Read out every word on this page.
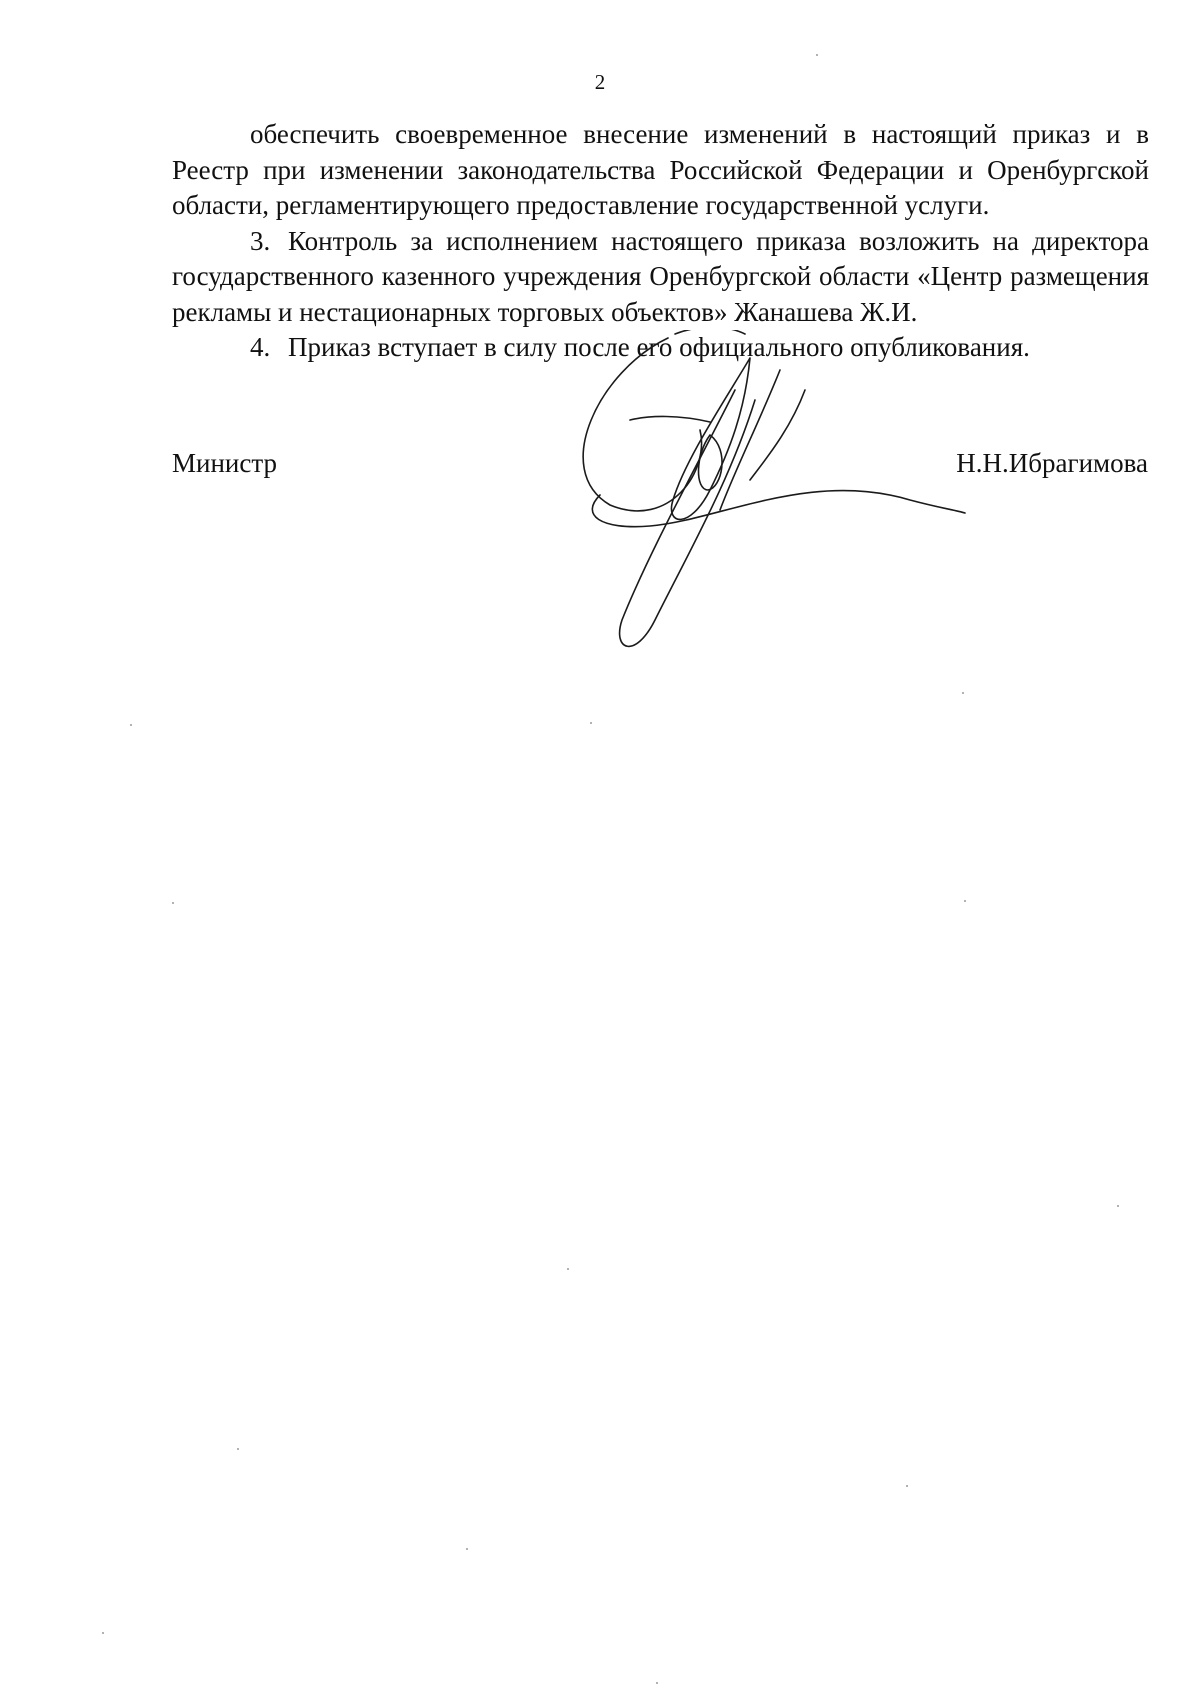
2

обеспечить своевременное внесение изменений в настоящий приказ и в Реестр при изменении законодательства Российской Федерации и Оренбургской области, регламентирующего предоставление государственной услуги.

3. Контроль за исполнением настоящего приказа возложить на директора государственного казенного учреждения Оренбургской области «Центр размещения рекламы и нестационарных торговых объектов» Жанашева Ж.И.

4. Приказ вступает в силу после его официального опубликования.

Министр	Н.Н.Ибрагимова
